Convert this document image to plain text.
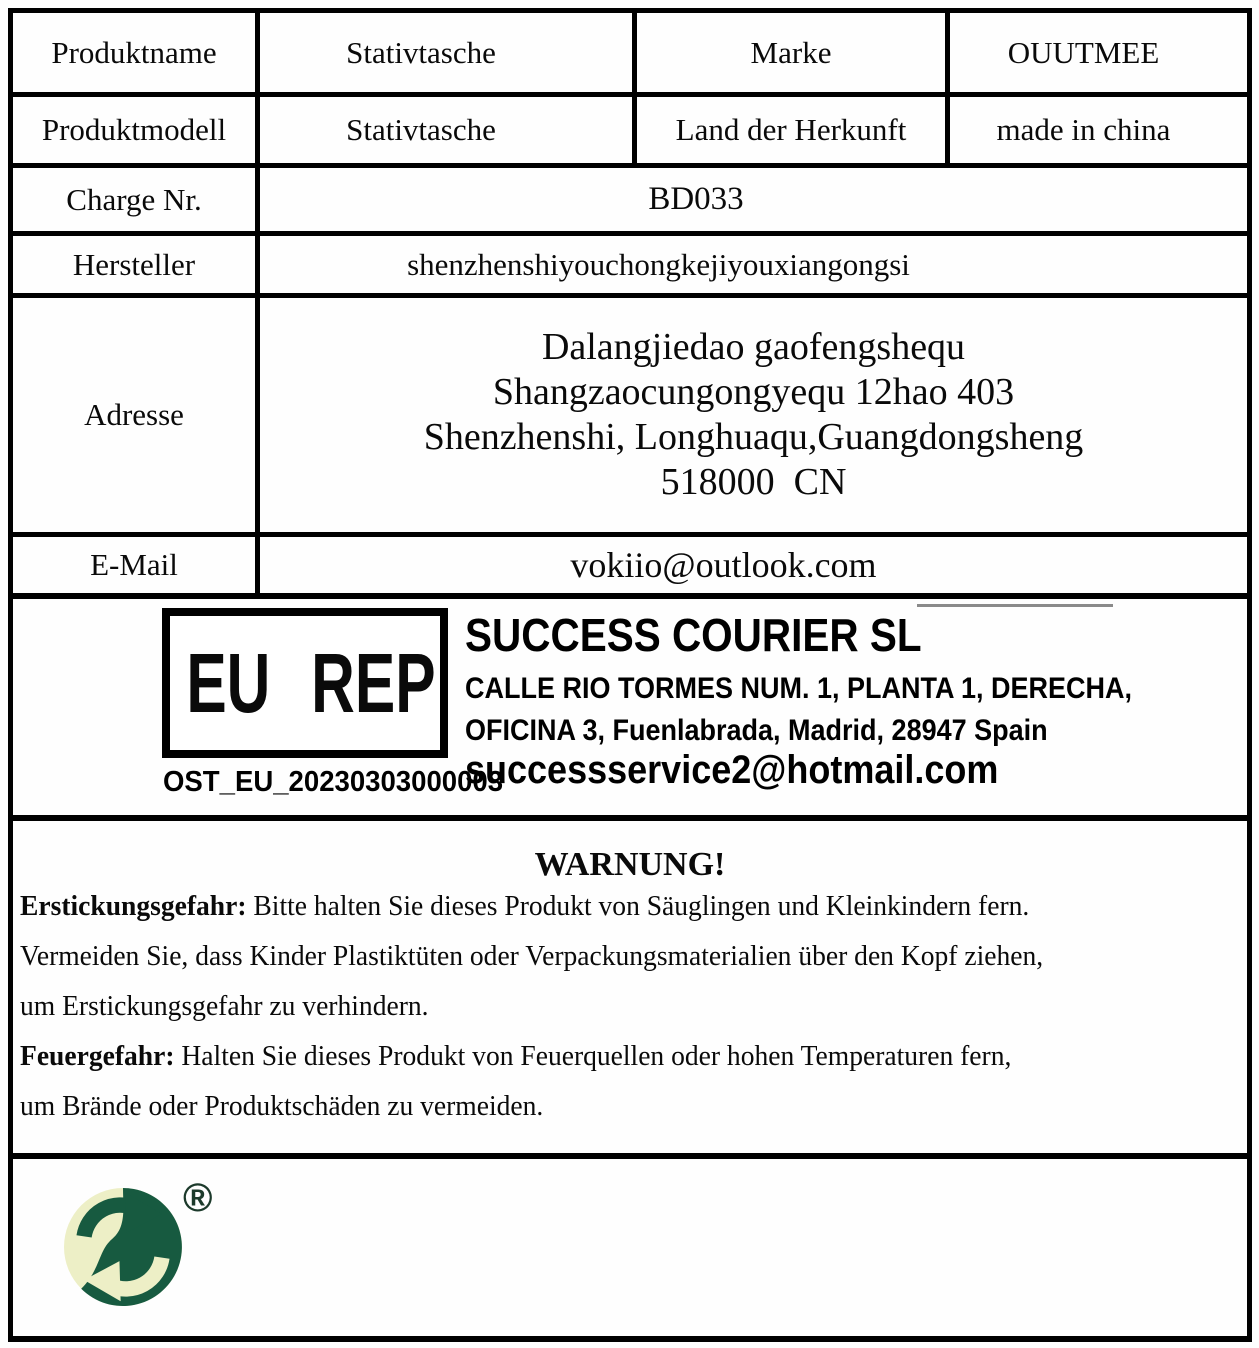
Produktname	Stativtasche	Marke	OUUTMEE
Produktmodell	Stativtasche	Land der Herkunft	made in china
Charge Nr.	BD033
Hersteller	shenzhenshiyouchongkejiyouxiangongsi
Adresse
Dalangjiedao gaofengshequ
Shangzaocungongyequ 12hao 403
Shenzhenshi, Longhuaqu,Guangdongsheng
518000  CN
E-Mail	vokiio@outlook.com
EU REP
SUCCESS COURIER SL
CALLE RIO TORMES NUM. 1, PLANTA 1, DERECHA,
OFICINA 3, Fuenlabrada, Madrid, 28947 Spain
successservice2@hotmail.com
OST_EU_20230303000003
WARNUNG!
Erstickungsgefahr: Bitte halten Sie dieses Produkt von Säuglingen und Kleinkindern fern.
Vermeiden Sie, dass Kinder Plastiktüten oder Verpackungsmaterialien über den Kopf ziehen,
um Erstickungsgefahr zu verhindern.
Feuergefahr: Halten Sie dieses Produkt von Feuerquellen oder hohen Temperaturen fern,
um Brände oder Produktschäden zu vermeiden.
®
